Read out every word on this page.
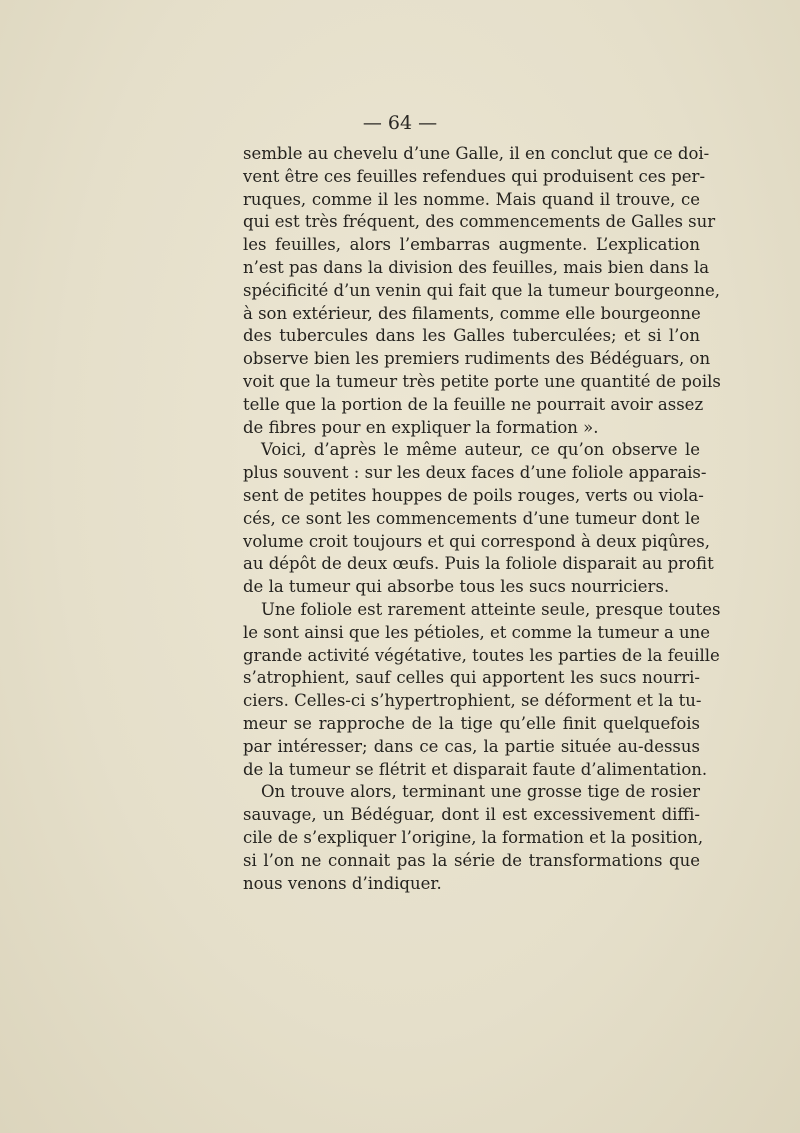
— 64 —
semble au chevelu d’une Galle, il en conclut que ce doi-
vent être ces feuilles refendues qui produisent ces per-
ruques, comme il les nomme. Mais quand il trouve, ce
qui est très fréquent, des commencements de Galles sur
les feuilles, alors l’embarras augmente. L’explication
n’est pas dans la division des feuilles, mais bien dans la
spécificité d’un venin qui fait que la tumeur bourgeonne,
à son extérieur, des filaments, comme elle bourgeonne
des tubercules dans les Galles tuberculées; et si l’on
observe bien les premiers rudiments des Bédéguars, on
voit que la tumeur très petite porte une quantité de poils
telle que la portion de la feuille ne pourrait avoir assez
de fibres pour en expliquer la formation ».
Voici, d’après le même auteur, ce qu’on observe le
plus souvent : sur les deux faces d’une foliole apparais-
sent de petites houppes de poils rouges, verts ou viola-
cés, ce sont les commencements d’une tumeur dont le
volume croit toujours et qui correspond à deux piqûres,
au dépôt de deux œufs. Puis la foliole disparait au profit
de la tumeur qui absorbe tous les sucs nourriciers.
Une foliole est rarement atteinte seule, presque toutes
le sont ainsi que les pétioles, et comme la tumeur a une
grande activité végétative, toutes les parties de la feuille
s’atrophient, sauf celles qui apportent les sucs nourri-
ciers. Celles-ci s’hypertrophient, se déforment et la tu-
meur se rapproche de la tige qu’elle finit quelquefois
par intéresser; dans ce cas, la partie située au-dessus
de la tumeur se flétrit et disparait faute d’alimentation.
On trouve alors, terminant une grosse tige de rosier
sauvage, un Bédéguar, dont il est excessivement diffi-
cile de s’expliquer l’origine, la formation et la position,
si l’on ne connait pas la série de transformations que
nous venons d’indiquer.
